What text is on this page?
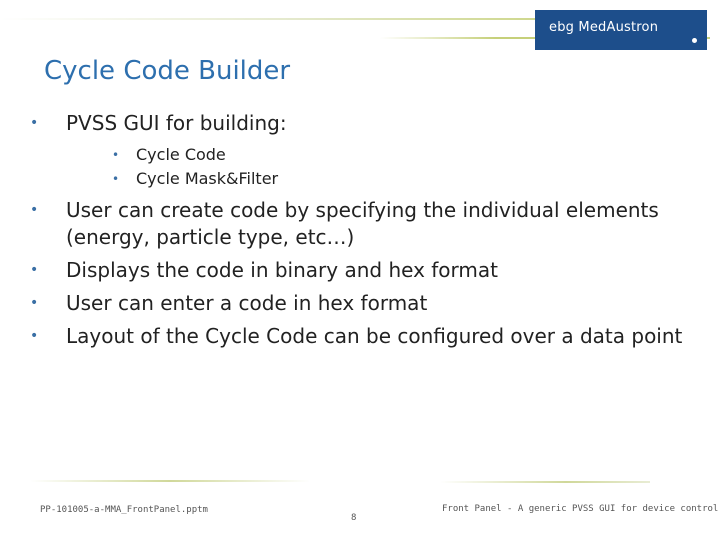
ebg MedAustron
Cycle Code Builder
• PVSS GUI for building:
• Cycle Code
• Cycle Mask&Filter
• User can create code by specifying the individual elements (energy, particle type, etc…)
• Displays the code in binary and hex format
• User can enter a code in hex format
• Layout of the Cycle Code can be configured over a data point
PP-101005-a-MMA_FrontPanel.pptm
8
Front Panel - A generic PVSS GUI for device control
